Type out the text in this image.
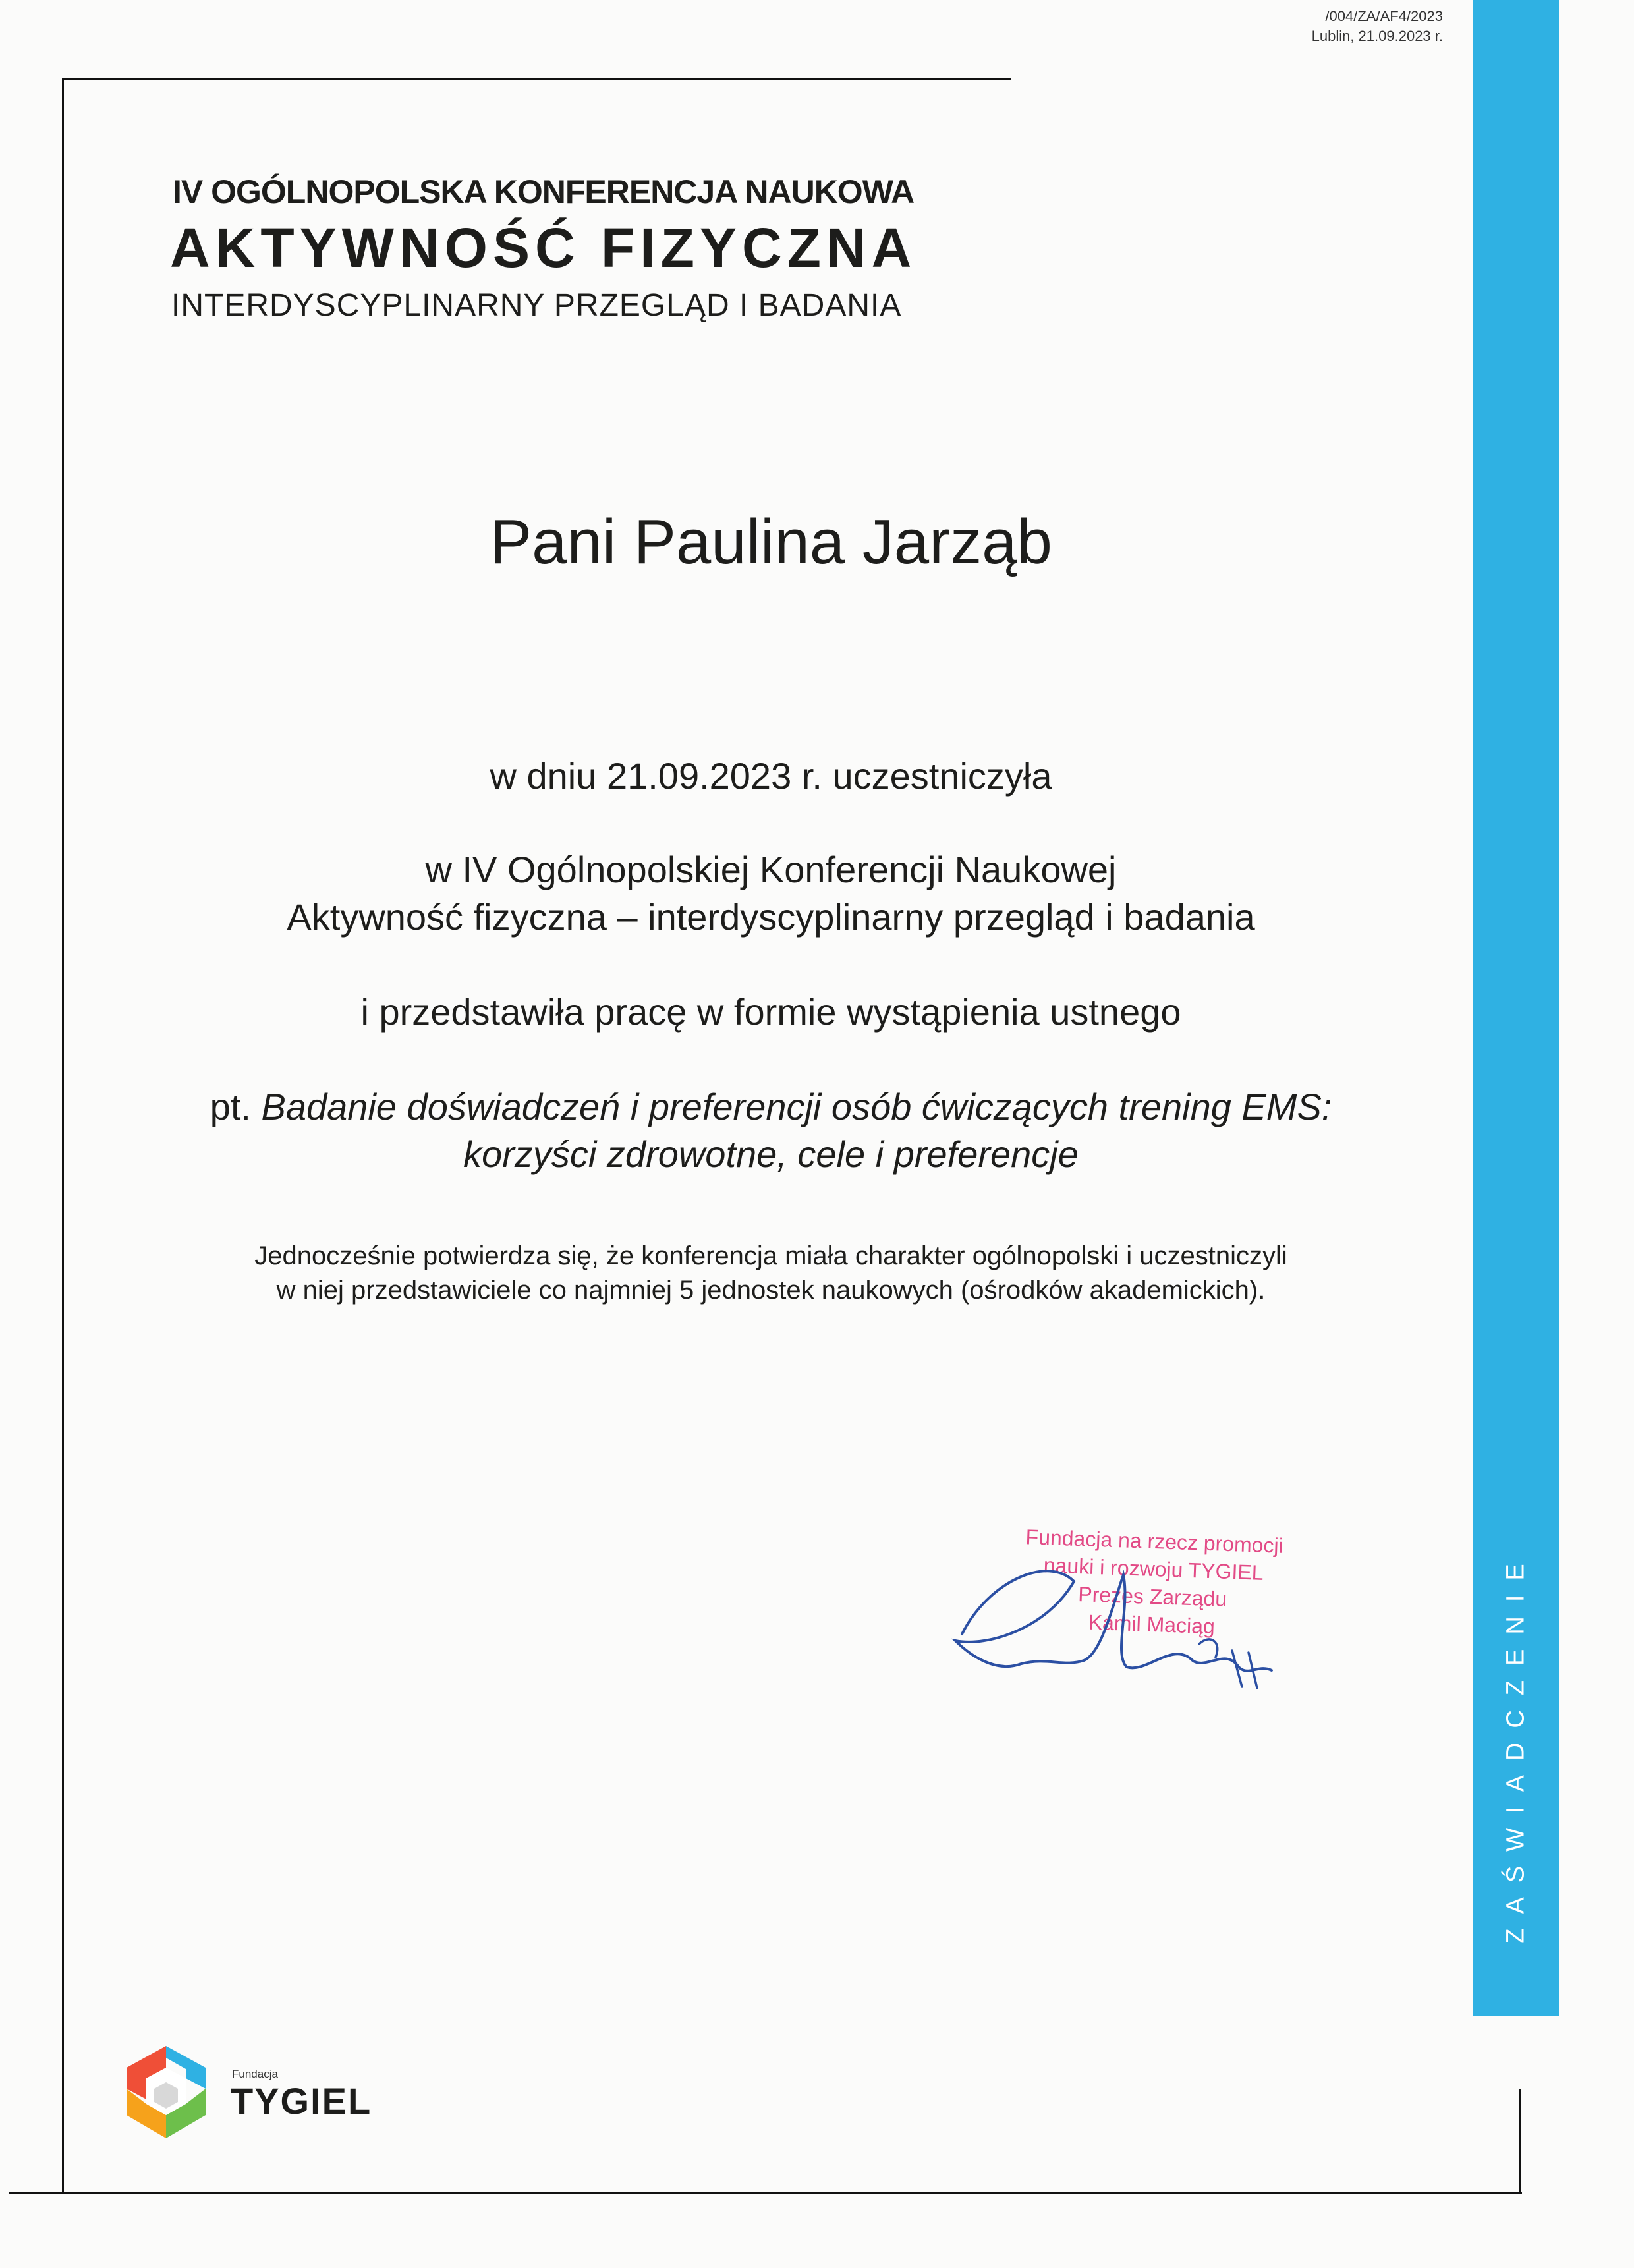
/004/ZA/AF4/2023
Lublin, 21.09.2023 r.
ZAŚWIADCZENIE
IV OGÓLNOPOLSKA KONFERENCJA NAUKOWA
AKTYWNOŚĆ FIZYCZNA
INTERDYSCYPLINARNY PRZEGLĄD I BADANIA
Pani Paulina Jarząb
w dniu 21.09.2023 r. uczestniczyła
w IV Ogólnopolskiej Konferencji Naukowej
Aktywność fizyczna – interdyscyplinarny przegląd i badania
i przedstawiła pracę w formie wystąpienia ustnego
pt. Badanie doświadczeń i preferencji osób ćwiczących trening EMS:
korzyści zdrowotne, cele i preferencje
Jednocześnie potwierdza się, że konferencja miała charakter ogólnopolski i uczestniczyli
w niej przedstawiciele co najmniej 5 jednostek naukowych (ośrodków akademickich).
Fundacja na rzecz promocji
nauki i rozwoju TYGIEL
Prezes Zarządu
Kamil Maciąg
Fundacja
TYGIEL
